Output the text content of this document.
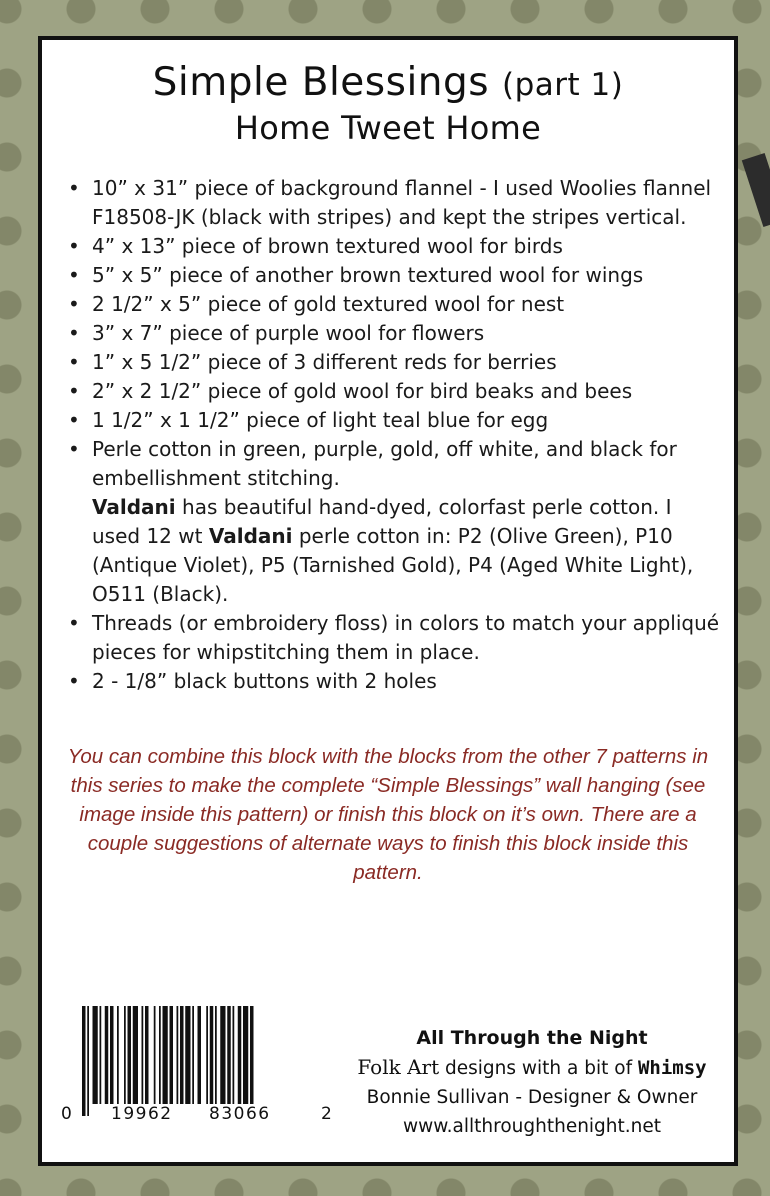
Simple Blessings (part 1)
Home Tweet Home
• 10” x 31” piece of background flannel - I used Woolies flannel F18508-JK (black with stripes) and kept the stripes vertical.
• 4” x 13” piece of brown textured wool for birds
• 5” x 5” piece of another brown textured wool for wings
• 2 1/2” x 5” piece of gold textured wool for nest
• 3” x 7” piece of purple wool for flowers
• 1” x 5 1/2” piece of 3 different reds for berries
• 2” x 2 1/2” piece of gold wool for bird beaks and bees
• 1 1/2” x 1 1/2” piece of light teal blue for egg
• Perle cotton in green, purple, gold, off white, and black for embellishment stitching.
Valdani has beautiful hand-dyed, colorfast perle cotton. I used 12 wt Valdani perle cotton in: P2 (Olive Green), P10 (Antique Violet), P5 (Tarnished Gold), P4 (Aged White Light), O511 (Black).
• Threads (or embroidery floss) in colors to match your appliqué pieces for whipstitching them in place.
• 2 - 1/8” black buttons with 2 holes
You can combine this block with the blocks from the other 7 patterns in this series to make the complete “Simple Blessings” wall hanging (see image inside this pattern) or finish this block on it’s own. There are a couple suggestions of alternate ways to finish this block inside this pattern.
0 19962 83066	2
All Through the Night
Folk Art designs with a bit of Whimsy
Bonnie Sullivan - Designer & Owner
www.allthroughthenight.net
